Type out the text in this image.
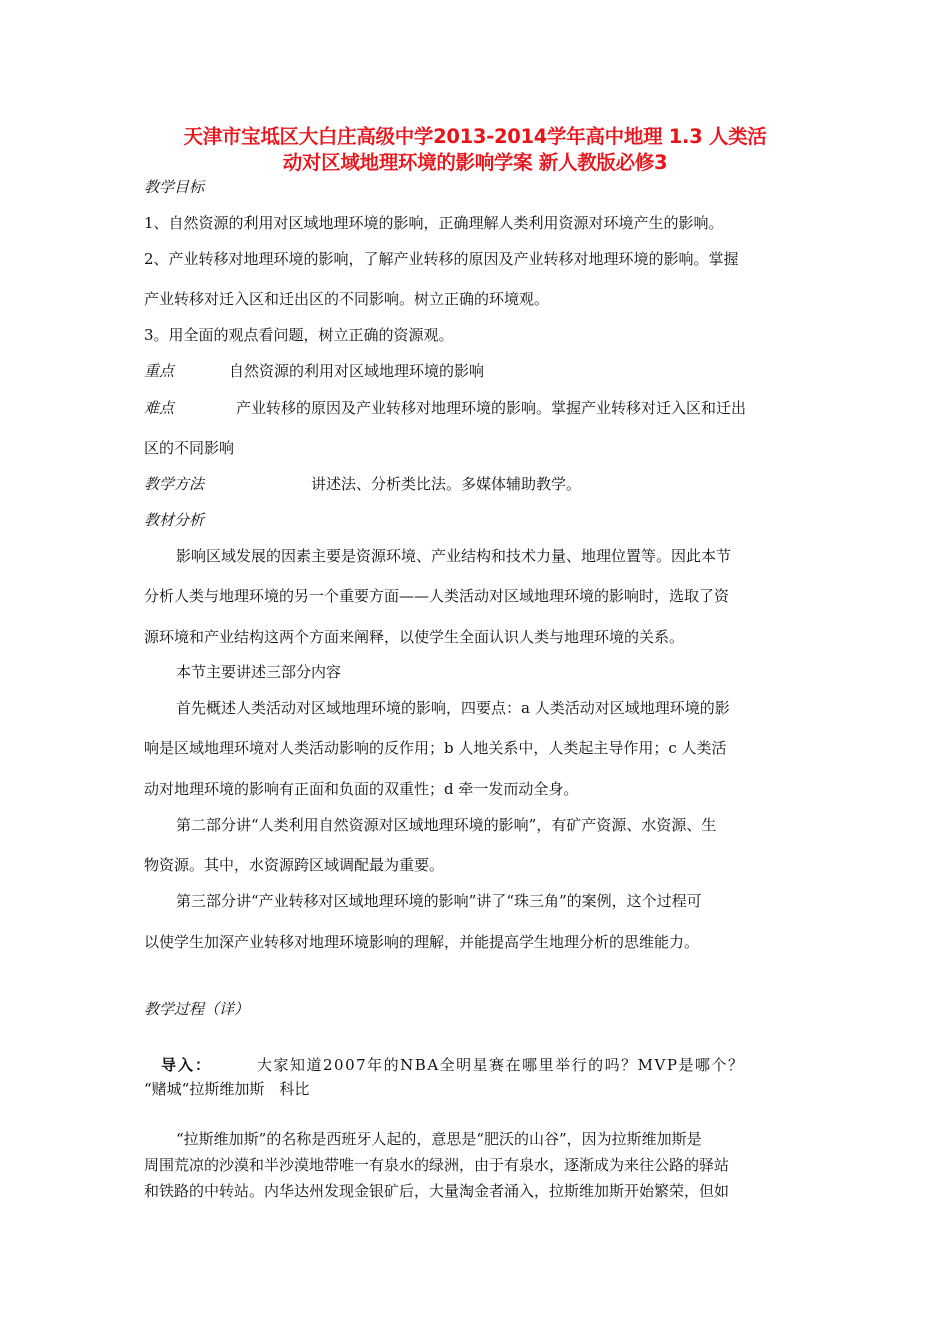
天津市宝坻区大白庄高级中学2013-2014学年高中地理 1.3 人类活
动对区域地理环境的影响学案 新人教版必修3
教学目标
1、自然资源的利用对区域地理环境的影响，正确理解人类利用资源对环境产生的影响。
2、产业转移对地理环境的影响，了解产业转移的原因及产业转移对地理环境的影响。掌握
产业转移对迁入区和迁出区的不同影响。树立正确的环境观。
3。用全面的观点看问题，树立正确的资源观。
重点	自然资源的利用对区域地理环境的影响
难点	产业转移的原因及产业转移对地理环境的影响。掌握产业转移对迁入区和迁出
区的不同影响
教学方法	讲述法、分析类比法。多媒体辅助教学。
教材分析
影响区域发展的因素主要是资源环境、产业结构和技术力量、地理位置等。因此本节
分析人类与地理环境的另一个重要方面——人类活动对区域地理环境的影响时，选取了资
源环境和产业结构这两个方面来阐释，以使学生全面认识人类与地理环境的关系。
本节主要讲述三部分内容
首先概述人类活动对区域地理环境的影响，四要点：a 人类活动对区域地理环境的影
响是区域地理环境对人类活动影响的反作用；b 人地关系中，人类起主导作用；c 人类活
动对地理环境的影响有正面和负面的双重性；d 牵一发而动全身。
第二部分讲“人类利用自然资源对区域地理环境的影响”，有矿产资源、水资源、生
物资源。其中，水资源跨区域调配最为重要。
第三部分讲“产业转移对区域地理环境的影响”讲了“珠三角”的案例，这个过程可
以使学生加深产业转移对地理环境影响的理解，并能提高学生地理分析的思维能力。
教学过程（详）
导入：	大家知道2007年的NBA全明星赛在哪里举行的吗？MVP是哪个？
“赌城“拉斯维加斯　科比
“拉斯维加斯”的名称是西班牙人起的，意思是“肥沃的山谷”，因为拉斯维加斯是
周围荒凉的沙漠和半沙漠地带唯一有泉水的绿洲，由于有泉水，逐渐成为来往公路的驿站
和铁路的中转站。内华达州发现金银矿后，大量淘金者涌入，拉斯维加斯开始繁荣，但如
